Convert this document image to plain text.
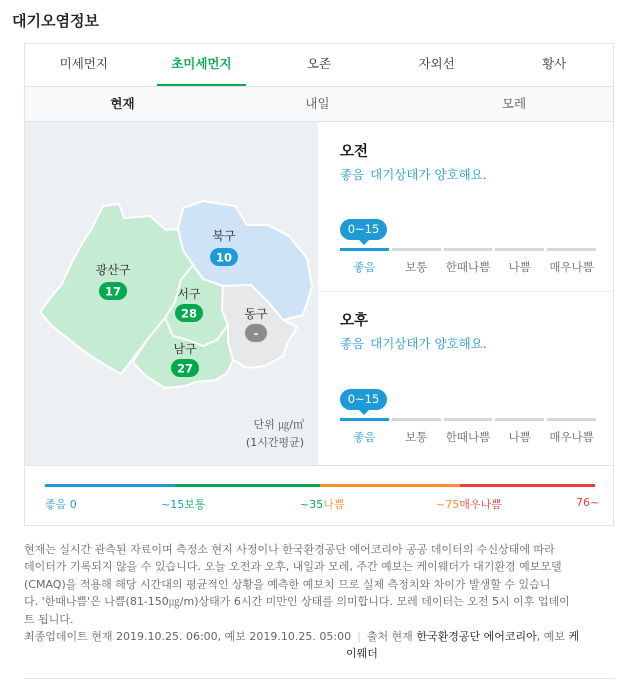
대기오염정보
미세먼지	초미세먼지	오존	자외선	황사
현재	내일	모레
북구
10
광산구
17	서구
28	동구
-
남구
27
단위 ㎍/㎥
(1시간평균)
오전
좋음 대기상태가 양호해요.
0~15
좋음	보통	한때나쁨	나쁨	매우나쁨
오후
좋음 대기상태가 양호해요.
0~15
좋음	보통	한때나쁨	나쁨	매우나쁨
좋음 0	~15보통	~35나쁨	~75매우나쁨	76~
현재는 실시간 관측된 자료이며 측정소 현지 사정이나 한국환경공단 에어코리아 공공 데이터의 수신상태에 따라
데이터가 기록되지 않을 수 있습니다. 오늘 오전과 오후, 내일과 모레, 주간 예보는 케이웨더가 대기환경 예보모델
(CMAQ)을 적용해 해당 시간대의 평균적인 상황을 예측한 예보치 므로 실제 측정치와 차이가 발생할 수 있습니
다. '한때나쁨'은 나쁨(81-150㎍/m)상태가 6시간 미만인 상태를 의미합니다. 모레 데이터는 오전 5시 이후 업데이
트 됩니다.
최종업데이트 현재 2019.10.25. 06:00, 예보 2019.10.25. 05:00 | 출처 현재 한국환경공단 에어코리아, 예보 케
이웨더
